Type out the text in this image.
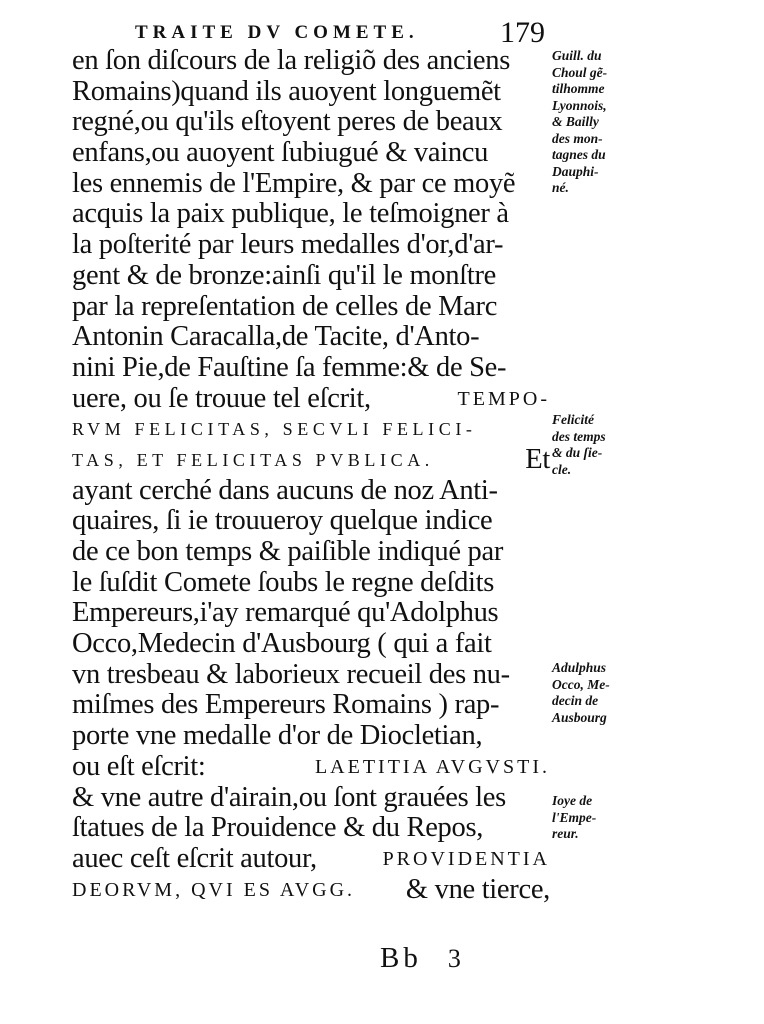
TRAITE DV COMETE.	179
en ſon diſcours de la religiõ des anciens
Romains)quand ils auoyent longuemẽt
regné,ou qu'ils eſtoyent peres de beaux
enfans,ou auoyent ſubiugué & vaincu
les ennemis de l'Empire, & par ce moyẽ
acquis la paix publique, le teſmoigner à
la poſterité par leurs medalles d'or,d'ar-
gent & de bronze:ainſi qu'il le monſtre
par la repreſentation de celles de Marc
Antonin Caracalla,de Tacite, d'Anto-
nini Pie,de Fauſtine ſa femme:& de Se-
uere, ou ſe trouue tel eſcrit,	TEMPO-
RVM FELICITAS, SECVLI FELICI-
TAS, ET FELICITAS PVBLICA.	Et
ayant cerché dans aucuns de noz Anti-
quaires, ſi ie trouueroy quelque indice
de ce bon temps & paiſible indiqué par
le ſuſdit Comete ſoubs le regne deſdits
Empereurs,i'ay remarqué qu'Adolphus
Occo,Medecin d'Ausbourg ( qui a fait
vn tresbeau & laborieux recueil des nu-
miſmes des Empereurs Romains ) rap-
porte vne medalle d'or de Diocletian,
ou eſt eſcrit:	LAETITIA AVGVSTI.
& vne autre d'airain,ou ſont grauées les
ſtatues de la Prouidence & du Repos,
auec ceſt eſcrit autour,	PROVIDENTIA
DEORVM, QVI ES AVGG. & vne tierce,
Guill. du
Choul gẽ-
tilhomme
Lyonnois,
& Bailly
des mon-
tagnes du
Dauphi-
né.
Felicité
des temps
& du ſie-
cle.
Adulphus
Occo, Me-
decin de
Ausbourg
Ioye de
l'Empe-
reur.
Bb 3
